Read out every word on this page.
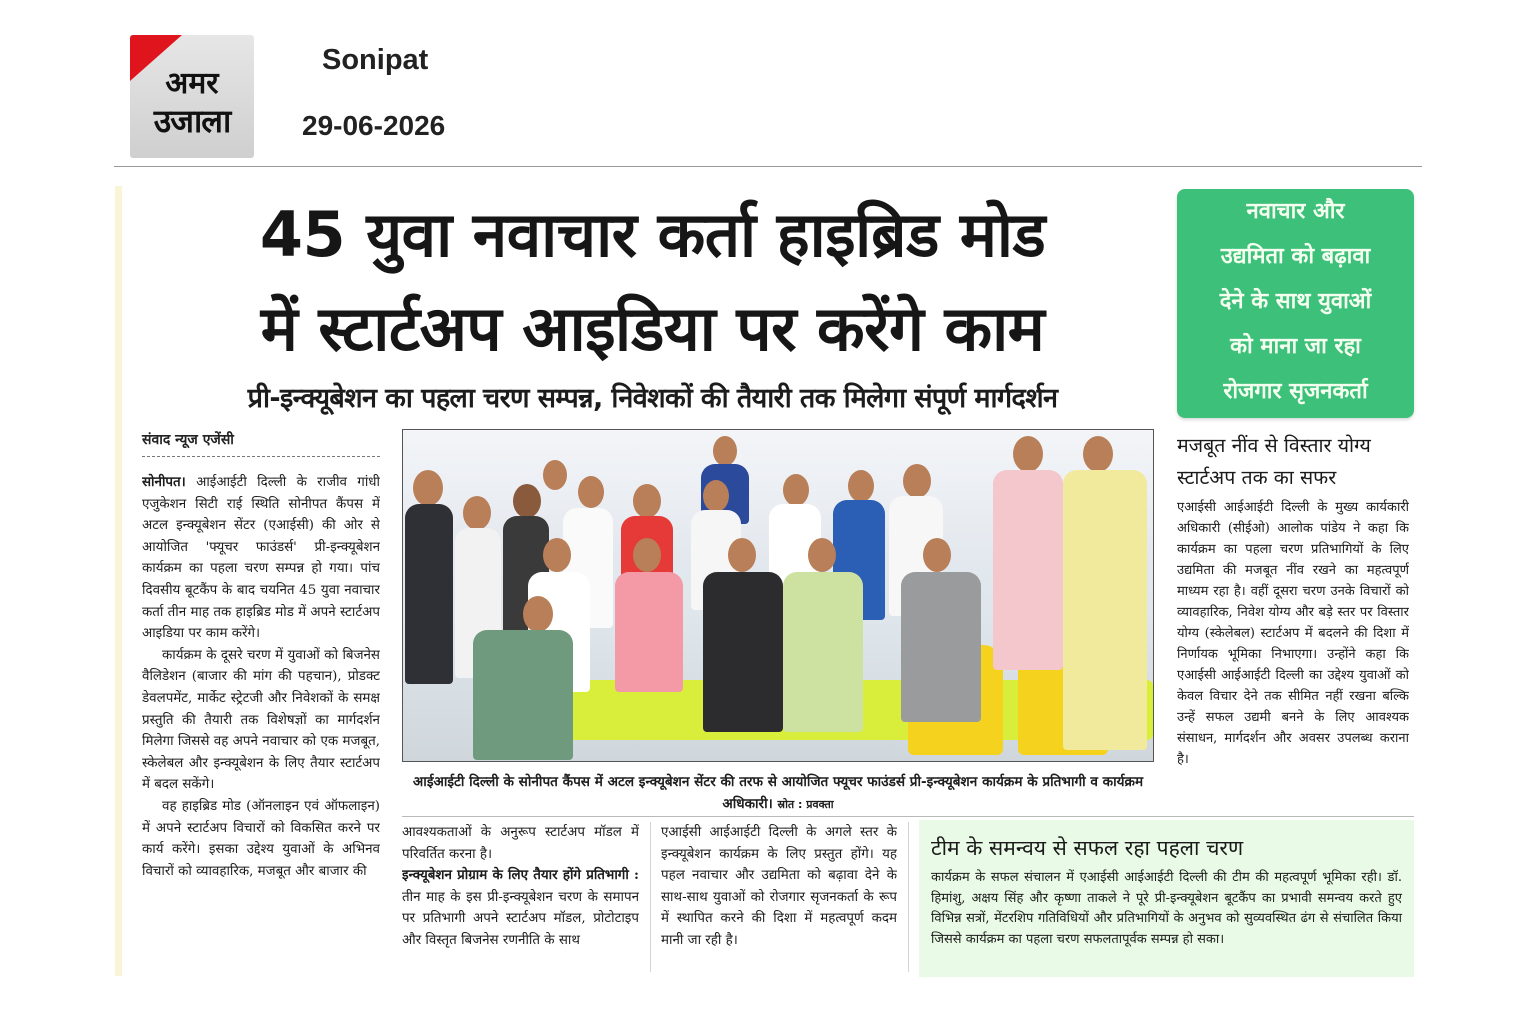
अमर
उजाला
Sonipat
29-06-2026
45 युवा नवाचार कर्ता हाइब्रिड मोड
में स्टार्टअप आइडिया पर करेंगे काम
प्री-इन्क्यूबेशन का पहला चरण सम्पन्न, निवेशकों की तैयारी तक मिलेगा संपूर्ण मार्गदर्शन
नवाचार और
उद्यमिता को बढ़ावा
देने के साथ युवाओं
को माना जा रहा
रोजगार सृजनकर्ता
संवाद न्यूज एजेंसी

सोनीपत। आईआईटी दिल्ली के राजीव गांधी एजुकेशन सिटी राई स्थिति सोनीपत कैंपस में अटल इन्क्यूबेशन सेंटर (एआईसी) की ओर से आयोजित 'फ्यूचर फाउंडर्स' प्री-इन्क्यूबेशन कार्यक्रम का पहला चरण सम्पन्न हो गया। पांच दिवसीय बूटकैंप के बाद चयनित 45 युवा नवाचार कर्ता तीन माह तक हाइब्रिड मोड में अपने स्टार्टअप आइडिया पर काम करेंगे।

कार्यक्रम के दूसरे चरण में युवाओं को बिजनेस वैलिडेशन (बाजार की मांग की पहचान), प्रोडक्ट डेवलपमेंट, मार्केट स्ट्रेटजी और निवेशकों के समक्ष प्रस्तुति की तैयारी तक विशेषज्ञों का मार्गदर्शन मिलेगा जिससे वह अपने नवाचार को एक मजबूत, स्केलेबल और इन्क्यूबेशन के लिए तैयार स्टार्टअप में बदल सकेंगे।

वह हाइब्रिड मोड (ऑनलाइन एवं ऑफलाइन) में अपने स्टार्टअप विचारों को विकसित करने पर कार्य करेंगे। इसका उद्देश्य युवाओं के अभिनव विचारों को व्यावहारिक, मजबूत और बाजार की

आईआईटी दिल्ली के सोनीपत कैंपस में अटल इन्क्यूबेशन सेंटर की तरफ से आयोजित फ्यूचर फाउंडर्स प्री-इन्क्यूबेशन कार्यक्रम के प्रतिभागी व कार्यक्रम अधिकारी। स्रोत : प्रवक्ता

आवश्यकताओं के अनुरूप स्टार्टअप मॉडल में परिवर्तित करना है।

इन्क्यूबेशन प्रोग्राम के लिए तैयार होंगे प्रतिभागी : तीन माह के इस प्री-इन्क्यूबेशन चरण के समापन पर प्रतिभागी अपने स्टार्टअप मॉडल, प्रोटोटाइप और विस्तृत बिजनेस रणनीति के साथ

एआईसी आईआईटी दिल्ली के अगले स्तर के इन्क्यूबेशन कार्यक्रम के लिए प्रस्तुत होंगे। यह पहल नवाचार और उद्यमिता को बढ़ावा देने के साथ-साथ युवाओं को रोजगार सृजनकर्ता के रूप में स्थापित करने की दिशा में महत्वपूर्ण कदम मानी जा रही है।

मजबूत नींव से विस्तार योग्य स्टार्टअप तक का सफर
एआईसी आईआईटी दिल्ली के मुख्य कार्यकारी अधिकारी (सीईओ) आलोक पांडेय ने कहा कि कार्यक्रम का पहला चरण प्रतिभागियों के लिए उद्यमिता की मजबूत नींव रखने का महत्वपूर्ण माध्यम रहा है। वहीं दूसरा चरण उनके विचारों को व्यावहारिक, निवेश योग्य और बड़े स्तर पर विस्तार योग्य (स्केलेबल) स्टार्टअप में बदलने की दिशा में निर्णायक भूमिका निभाएगा। उन्होंने कहा कि एआईसी आईआईटी दिल्ली का उद्देश्य युवाओं को केवल विचार देने तक सीमित नहीं रखना बल्कि उन्हें सफल उद्यमी बनने के लिए आवश्यक संसाधन, मार्गदर्शन और अवसर उपलब्ध कराना है।
टीम के समन्वय से सफल रहा पहला चरण
कार्यक्रम के सफल संचालन में एआईसी आईआईटी दिल्ली की टीम की महत्वपूर्ण भूमिका रही। डॉ. हिमांशु, अक्षय सिंह और कृष्णा ताकले ने पूरे प्री-इन्क्यूबेशन बूटकैंप का प्रभावी समन्वय करते हुए विभिन्न सत्रों, मेंटरशिप गतिविधियों और प्रतिभागियों के अनुभव को सुव्यवस्थित ढंग से संचालित किया जिससे कार्यक्रम का पहला चरण सफलतापूर्वक सम्पन्न हो सका।
